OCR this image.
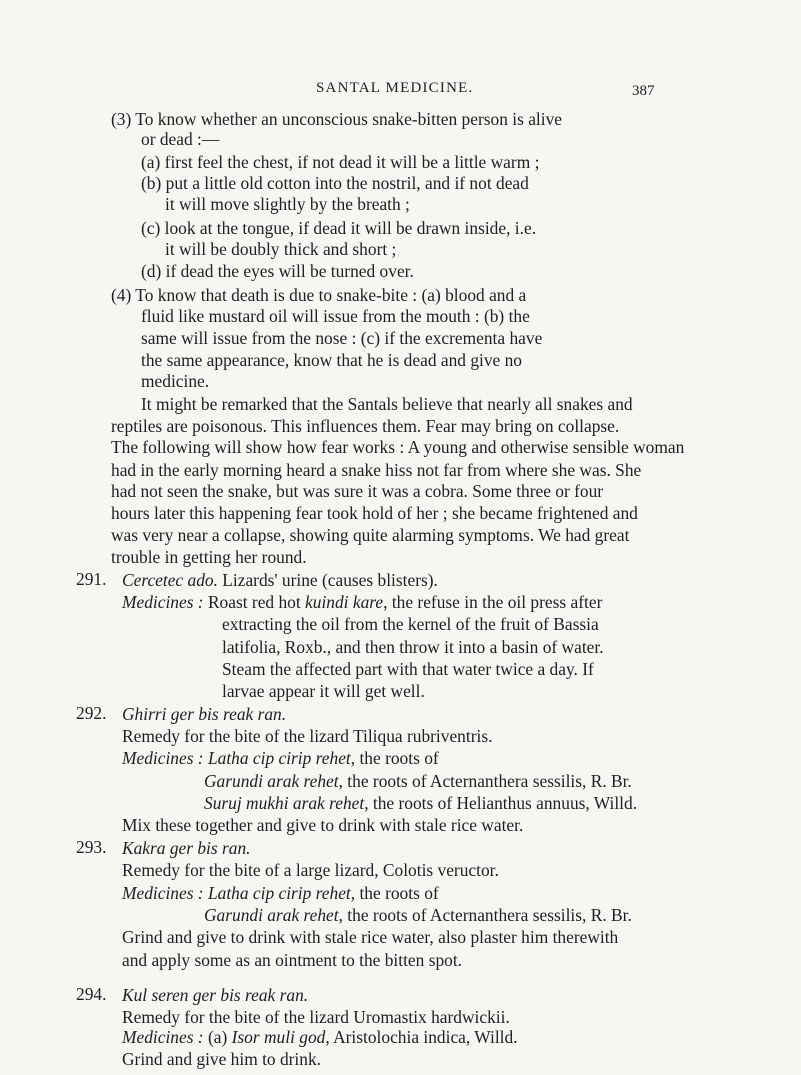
SANTAL MEDICINE.	387
(3) To know whether an unconscious snake-bitten person is alive
or dead :—
(a) first feel the chest, if not dead it will be a little warm ;
(b) put a little old cotton into the nostril, and if not dead
it will move slightly by the breath ;
(c) look at the tongue, if dead it will be drawn inside, i.e.
it will be doubly thick and short ;
(d) if dead the eyes will be turned over.
(4) To know that death is due to snake-bite : (a) blood and a
fluid like mustard oil will issue from the mouth : (b) the
same will issue from the nose : (c) if the excrementa have
the same appearance, know that he is dead and give no
medicine.
It might be remarked that the Santals believe that nearly all snakes and
reptiles are poisonous. This influences them. Fear may bring on collapse.
The following will show how fear works : A young and otherwise sensible woman
had in the early morning heard a snake hiss not far from where she was. She
had not seen the snake, but was sure it was a cobra. Some three or four
hours later this happening fear took hold of her ; she became frightened and
was very near a collapse, showing quite alarming symptoms. We had great
trouble in getting her round.
291. Cercetec ado. Lizards' urine (causes blisters).
Medicines : Roast red hot kuindi kare, the refuse in the oil press after
extracting the oil from the kernel of the fruit of Bassia
latifolia, Roxb., and then throw it into a basin of water.
Steam the affected part with that water twice a day. If
larvae appear it will get well.
292. Ghirri ger bis reak ran.
Remedy for the bite of the lizard Tiliqua rubriventris.
Medicines : Latha cip cirip rehet, the roots of
Garundi arak rehet, the roots of Acternanthera sessilis, R. Br.
Suruj mukhi arak rehet, the roots of Helianthus annuus, Willd.
Mix these together and give to drink with stale rice water.
293. Kakra ger bis ran.
Remedy for the bite of a large lizard, Colotis veructor.
Medicines : Latha cip cirip rehet, the roots of
Garundi arak rehet, the roots of Acternanthera sessilis, R. Br.
Grind and give to drink with stale rice water, also plaster him therewith
and apply some as an ointment to the bitten spot.
294. Kul seren ger bis reak ran.
Remedy for the bite of the lizard Uromastix hardwickii.
Medicines : (a) Isor muli god, Aristolochia indica, Willd.
Grind and give him to drink.
